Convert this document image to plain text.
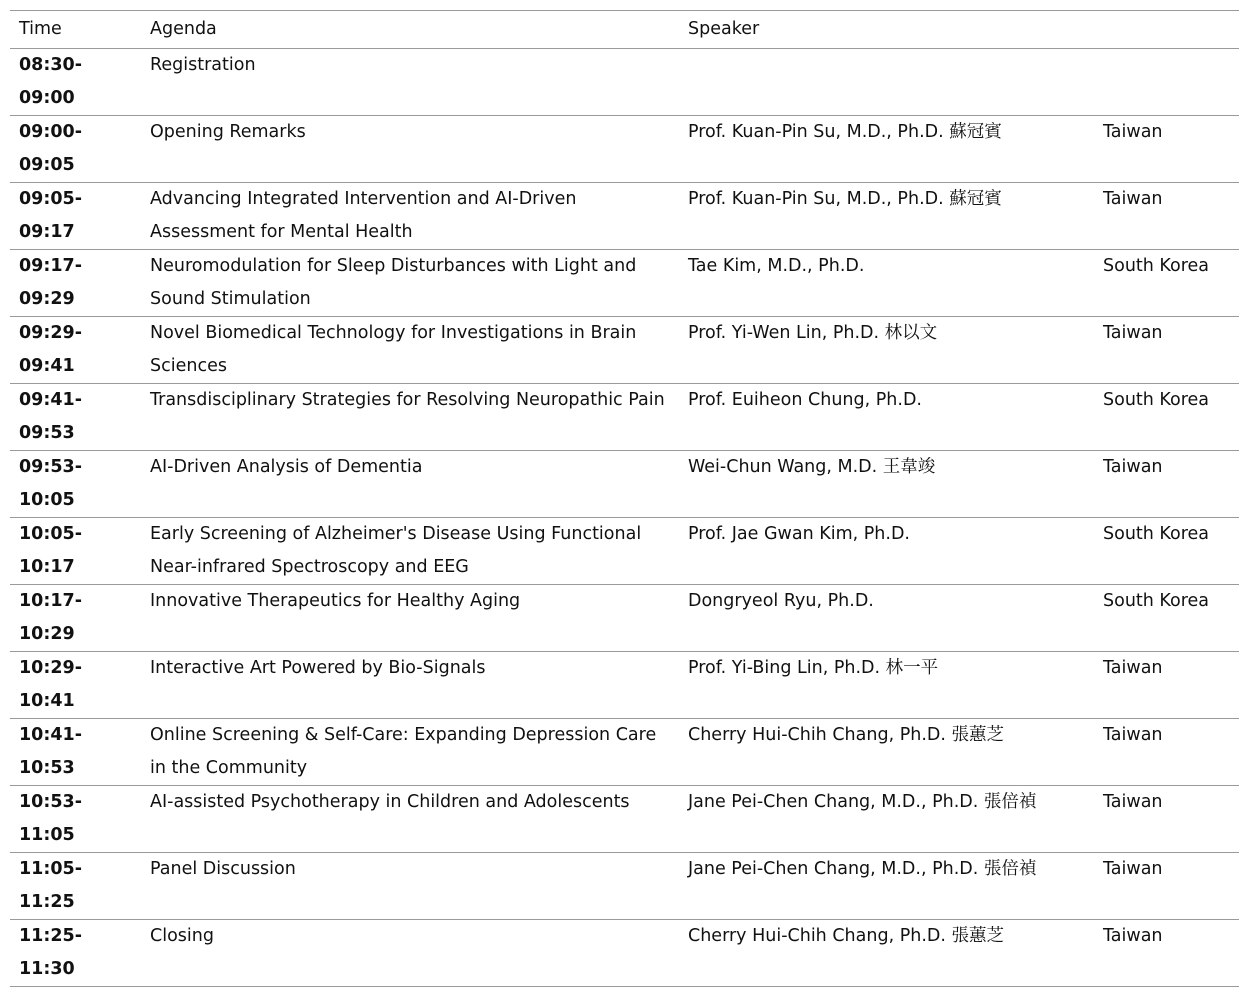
Time	Agenda	Speaker	
08:30-09:00	Registration		
09:00-09:05	Opening Remarks	Prof. Kuan-Pin Su, M.D., Ph.D. 蘇冠賓	Taiwan
09:05-09:17	Advancing Integrated Intervention and AI-Driven Assessment for Mental Health	Prof. Kuan-Pin Su, M.D., Ph.D. 蘇冠賓	Taiwan
09:17-09:29	Neuromodulation for Sleep Disturbances with Light and Sound Stimulation	Tae Kim, M.D., Ph.D.	South Korea
09:29-09:41	Novel Biomedical Technology for Investigations in Brain Sciences	Prof. Yi-Wen Lin, Ph.D. 林以文	Taiwan
09:41-09:53	Transdisciplinary Strategies for Resolving Neuropathic Pain	Prof. Euiheon Chung, Ph.D.	South Korea
09:53-10:05	AI-Driven Analysis of Dementia	Wei-Chun Wang, M.D. 王韋竣	Taiwan
10:05-10:17	Early Screening of Alzheimer's Disease Using Functional Near-infrared Spectroscopy and EEG	Prof. Jae Gwan Kim, Ph.D.	South Korea
10:17-10:29	Innovative Therapeutics for Healthy Aging	Dongryeol Ryu, Ph.D.	South Korea
10:29-10:41	Interactive Art Powered by Bio-Signals	Prof. Yi-Bing Lin, Ph.D. 林一平	Taiwan
10:41-10:53	Online Screening & Self-Care: Expanding Depression Care in the Community	Cherry Hui-Chih Chang, Ph.D. 張蕙芝	Taiwan
10:53-11:05	AI-assisted Psychotherapy in Children and Adolescents	Jane Pei-Chen Chang, M.D., Ph.D. 張倍禎	Taiwan
11:05-11:25	Panel Discussion	Jane Pei-Chen Chang, M.D., Ph.D. 張倍禎	Taiwan
11:25-11:30	Closing	Cherry Hui-Chih Chang, Ph.D. 張蕙芝	Taiwan
